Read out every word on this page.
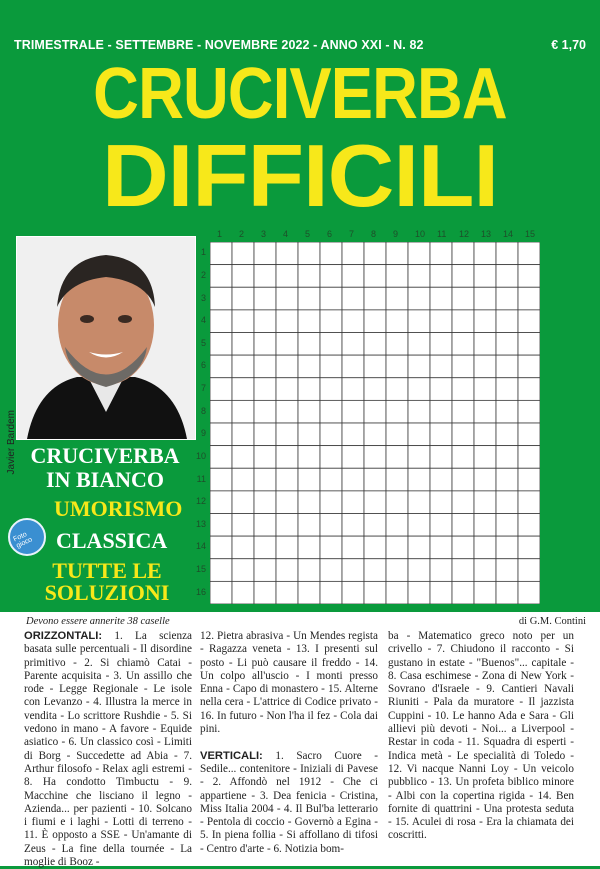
TRIMESTRALE - SETTEMBRE - NOVEMBRE 2022 - ANNO XXI - N. 82	€ 1,70
CRUCIVERBA
DIFFICILI
Javier Bardem CRUCIVERBA
IN BIANCO
UMORISMO
Foto gioco	CLASSICA
TUTTE LE
SOLUZIONI
1 2 3 4 5 6 7 8 9 10 11 12 13 14 15
1
2
3
4
5
6
7
8
9
10
11
12
13
14
15
16
Devono essere annerite 38 caselle	di G.M. Contini
ORIZZONTALI: 1. La scienza basata sulle percentuali - Il disordine primitivo - 2. Si chiamò Catai - Parente acquisita - 3. Un assillo che rode - Legge Regionale - Le isole con Levanzo - 4. Illustra la merce in vendita - Lo scrittore Rushdie - 5. Si vedono in mano - A favore - Equide asiatico - 6. Un classico così - Limiti di Borg - Succedette ad Abia - 7. Arthur filosofo - Relax agli estremi - 8. Ha condotto Timbuctu - 9. Macchine che lisciano il legno - Azienda... per pazienti - 10. Solcano i fiumi e i laghi - Lotti di terreno - 11. È opposto a SSE - Un'amante di Zeus - La fine della tournée - La moglie di Booz -
12. Pietra abrasiva - Un Mendes regista - Ragazza veneta - 13. I presenti sul posto - Li può causare il freddo - 14. Un colpo all'uscio - I monti presso Enna - Capo di monastero - 15. Alterne nella cera - L'attrice di Codice privato - 16. In futuro - Non l'ha il fez - Cola dai pini.

VERTICALI: 1. Sacro Cuore - Sedile... contenitore - Iniziali di Pavese - 2. Affondò nel 1912 - Che ci appartiene - 3. Dea fenicia - Cristina, Miss Italia 2004 - 4. Il Bul'ba letterario - Pentola di coccio - Governò a Egina - 5. In piena follia - Si affollano di tifosi - Centro d'arte - 6. Notizia bom-
ba - Matematico greco noto per un crivello - 7. Chiudono il racconto - Si gustano in estate - "Buenos"... capitale - 8. Casa eschimese - Zona di New York - Sovrano d'Israele - 9. Cantieri Navali Riuniti - Pala da muratore - Il jazzista Cuppini - 10. Le hanno Ada e Sara - Gli allievi più devoti - Noi... a Liverpool - Restar in coda - 11. Squadra di esperti - Indica metà - Le specialità di Toledo - 12. Vi nacque Nanni Loy - Un veicolo pubblico - 13. Un profeta biblico minore - Albi con la copertina rigida - 14. Ben fornite di quattrini - Una protesta seduta - 15. Aculei di rosa - Era la chiamata dei coscritti.
